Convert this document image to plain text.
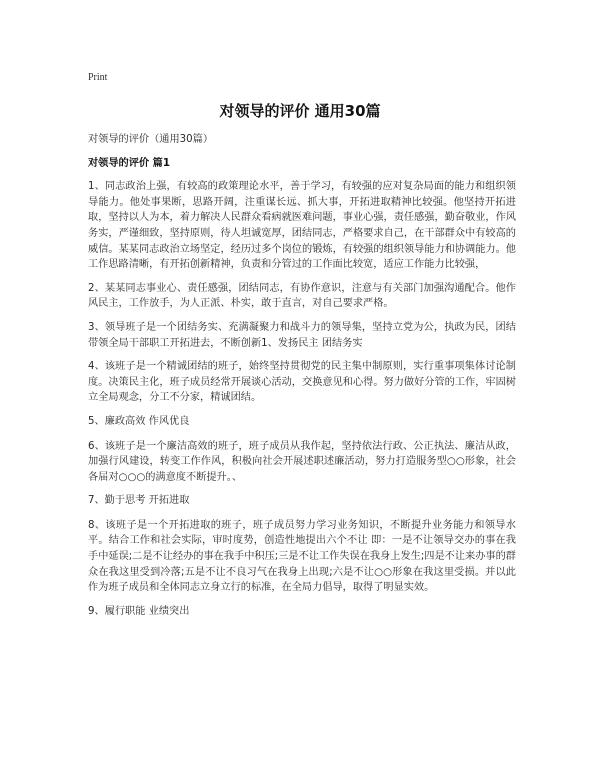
Print
对领导的评价 通用30篇

对领导的评价（通用30篇）

对领导的评价 篇1

1、同志政治上强，有较高的政策理论水平，善于学习，有较强的应对复杂局面的能力和组织领导能力。他处事果断，思路开阔，注重谋长远、抓大事，开拓进取精神比较强。他坚持开拓进取，坚持以人为本，着力解决人民群众看病就医难问题，事业心强，责任感强，勤奋敬业，作风务实，严谨细致，坚持原则，待人坦诚宽厚，团结同志，严格要求自己，在干部群众中有较高的威信。某某同志政治立场坚定，经历过多个岗位的锻炼，有较强的组织领导能力和协调能力。他工作思路清晰，有开拓创新精神，负责和分管过的工作面比较宽，适应工作能力比较强，

2、某某同志事业心、责任感强，团结同志，有协作意识，注意与有关部门加强沟通配合。他作风民主，工作放手，为人正派、朴实，敢于直言，对自己要求严格。

3、领导班子是一个团结务实、充满凝聚力和战斗力的领导集，坚持立党为公，执政为民，团结带领全局干部职工开拓进去，不断创新1、发扬民主 团结务实

4、该班子是一个精诚团结的班子，始终坚持贯彻党的民主集中制原则，实行重事项集体讨论制度。决策民主化，班子成员经常开展谈心活动，交换意见和心得。努力做好分管的工作，牢固树立全局观念，分工不分家，精诚团结。

5、廉政高效 作风优良

6、该班子是一个廉洁高效的班子，班子成员从我作起，坚持依法行政、公正执法、廉洁从政，加强行风建设，转变工作作风，积极向社会开展述职述廉活动，努力打造服务型○○形象，社会各届对○○○的满意度不断提升。、

7、勤于思考 开拓进取

8、该班子是一个开拓进取的班子，班子成员努力学习业务知识，不断提升业务能力和领导水平。结合工作和社会实际，审时度势，创造性地提出六个不让 即：一是不让领导交办的事在我手中延误;二是不让经办的事在我手中积压;三是不让工作失误在我身上发生;四是不让来办事的群众在我这里受到冷落;五是不让不良习气在我身上出现;六是不让○○形象在我这里受损。并以此作为班子成员和全体同志立身立行的标准，在全局力倡导，取得了明显实效。

9、履行职能 业绩突出
